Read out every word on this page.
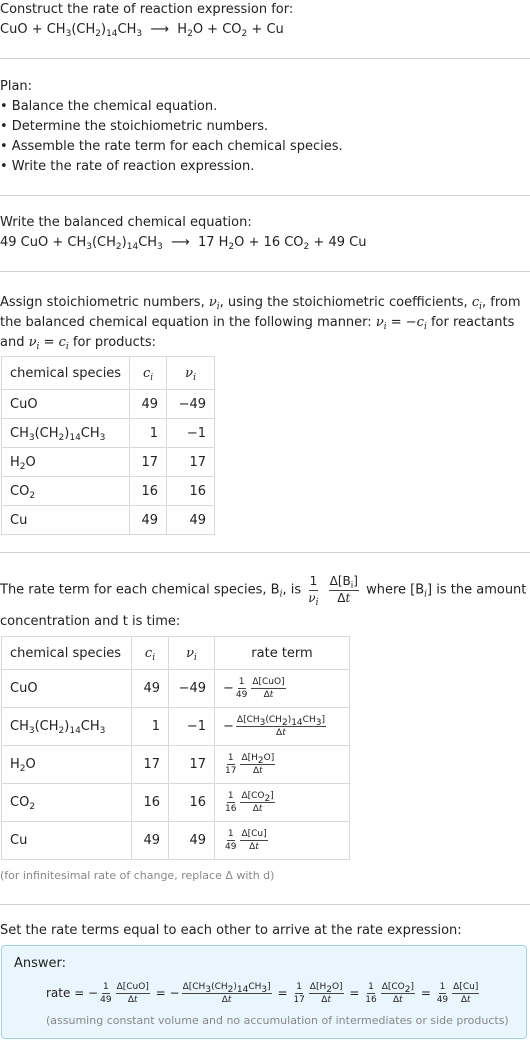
Construct the rate of reaction expression for:
CuO + $CH_3(CH_2)_{14}CH_3$  ⟶  $H_2O + CO_2 + Cu$
Plan:
• Balance the chemical equation.
• Determine the stoichiometric numbers.
• Assemble the rate term for each chemical species.
• Write the rate of reaction expression.
Write the balanced chemical equation:
49 CuO + $CH_3(CH_2)_{14}CH_3$  ⟶  17 $H_2O + 16$ $CO_2 + 49$ Cu
Assign stoichiometric numbers, $\nu_i$, using the stoichiometric coefficients, $c_i$, from
the balanced chemical equation in the following manner: $\nu_i = -c_i$ for reactants
and $\nu_i = c_i$ for products:
chemical species	$c_i$	$\nu_i$
CuO	49	−49
$CH_3(CH_2)_{14}CH_3$	1	−1
$H_2O$	17	17
$CO_2$	16	16
Cu	49	49
The rate term for each chemical species, $B_i$, is $\frac{1}{\nu_i}$
$\frac{\Delta[B_i]}{\Delta t}$ where $[B_i]$ is the amount
concentration and t is time:
chemical species	$c_i$	$\nu_i$	rate term
CuO	49	−49	− $\frac{1}{49} \frac{\text{Δ[CuO]}}{\Delta t}$

$CH_3(CH_2)_{14}CH_3$	1	−1	− $\frac{\Delta[CH_3(CH_2)_{14}CH_3]}{\Delta t}$

$H_2O$	17	17	$\frac{1}{17} \frac{\Delta[H_2O]}{\Delta t}$

$CO_2$	16	16	$\frac{1}{16} \frac{\Delta[CO_2]}{\Delta t}$

Cu	49	49	$\frac{1}{49} \frac{\Delta[Cu]}{\Delta t}$
(for infinitesimal rate of change, replace Δ with d)
Set the rate terms equal to each other to arrive at the rate expression:
Answer:
rate = − $\frac{1}{49} \frac{\text{Δ[CuO]}}{\Delta t}$ = − $\frac{\Delta[CH_3(CH_2)_{14}CH_3]}{\Delta t} = \frac{1}{17} \frac{\Delta[H_2O]}{\Delta t} = \frac{1}{16} \frac{\Delta[CO_2]}{\Delta t} = \frac{1}{49} \frac{\Delta[Cu]}{\Delta t}$
(assuming constant volume and no accumulation of intermediates or side products)
